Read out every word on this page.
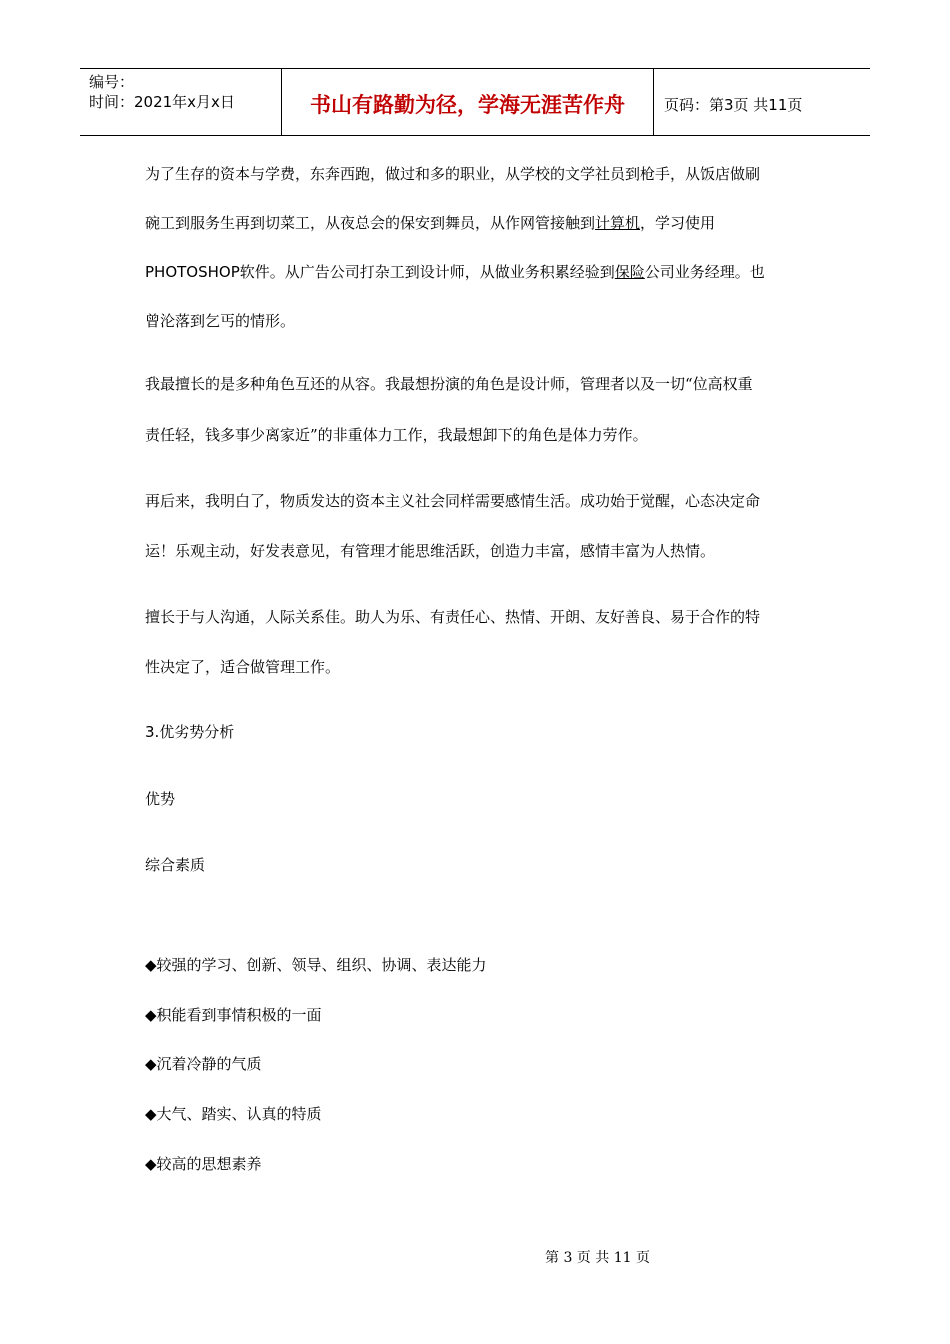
编号：
时间：2021年x月x日	书山有路勤为径，学海无涯苦作舟	页码：第3页 共11页

为了生存的资本与学费，东奔西跑，做过和多的职业，从学校的文学社员到枪手，从饭店做刷
碗工到服务生再到切菜工，从夜总会的保安到舞员，从作网管接触到计算机，学习使用
PHOTOSHOP软件。从广告公司打杂工到设计师，从做业务积累经验到保险公司业务经理。也

曾沦落到乞丐的情形。
我最擅长的是多种角色互还的从容。我最想扮演的角色是设计师，管理者以及一切“位高权重
责任轻，钱多事少离家近”的非重体力工作，我最想卸下的角色是体力劳作。
再后来，我明白了，物质发达的资本主义社会同样需要感情生活。成功始于觉醒，心态决定命
运！乐观主动，好发表意见，有管理才能思维活跃，创造力丰富，感情丰富为人热情。
擅长于与人沟通，人际关系佳。助人为乐、有责任心、热情、开朗、友好善良、易于合作的特
性决定了，适合做管理工作。
3.优劣势分析
优势
综合素质
◆较强的学习、创新、领导、组织、协调、表达能力
◆积能看到事情积极的一面
◆沉着冷静的气质
◆大气、踏实、认真的特质
◆较高的思想素养
第 3 页 共 11 页
